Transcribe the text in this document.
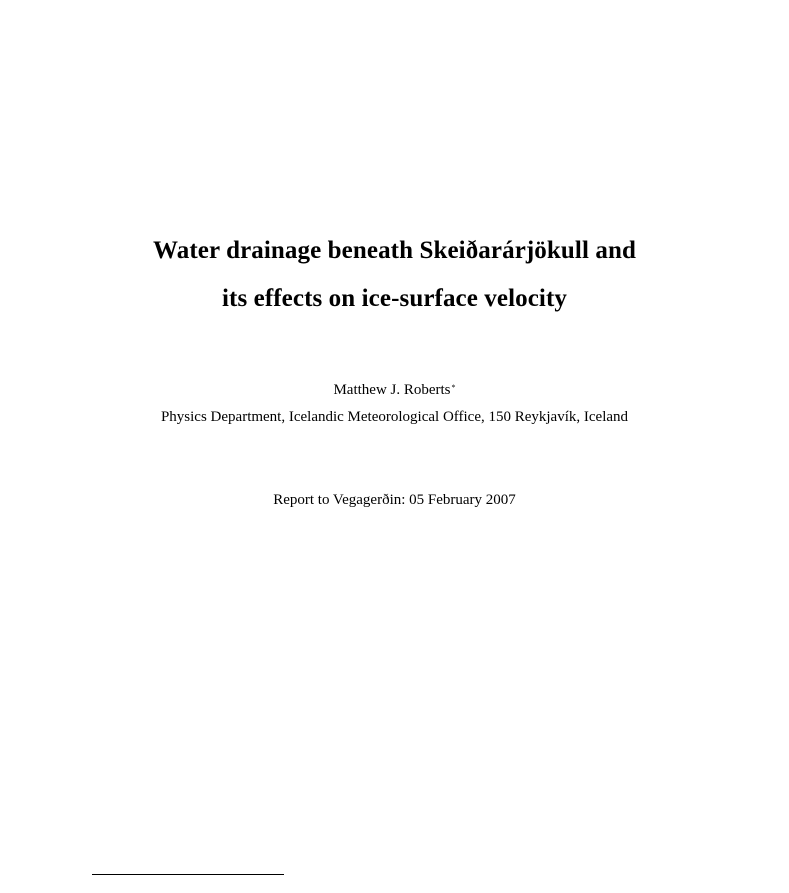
Water drainage beneath Skeiðarárjökull and
its effects on ice-surface velocity
Matthew J. Roberts*
Physics Department, Icelandic Meteorological Office, 150 Reykjavík, Iceland
Report to Vegagerðin: 05 February 2007
